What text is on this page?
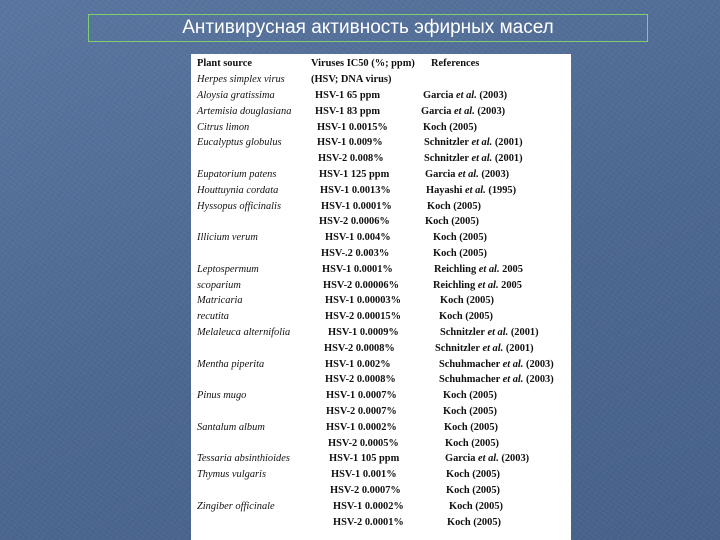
Антивирусная активность эфирных масел
Plant source	Viruses IC50 (%; ppm) References
Herpes simplex virus	(HSV; DNA virus)
Aloysia gratissima	HSV-1 65 ppm	Garcia et al. (2003)
Artemisia douglasiana HSV-1 83 ppm	Garcia et al. (2003)
Citrus limon	HSV-1 0.0015%	Koch (2005)
Eucalyptus globulus	HSV-1 0.009%	Schnitzler et al. (2001)
HSV-2 0.008%	Schnitzler et al. (2001)
Eupatorium patens	HSV-1 125 ppm	Garcia et al. (2003)
Houttuynia cordata	HSV-1 0.0013%	Hayashi et al. (1995)
Hyssopus officinalis	HSV-1 0.0001%	Koch (2005)
HSV-2 0.0006%	Koch (2005)
Illicium verum	HSV-1 0.004%	Koch (2005)
HSV-.2 0.003%	Koch (2005)
Leptospermum	HSV-1 0.0001%	Reichling et al. 2005
scoparium	HSV-2 0.00006%	Reichling et al. 2005
Matricaria	HSV-1 0.00003%	Koch (2005)
recutita	HSV-2 0.00015%	Koch (2005)
Melaleuca alternifolia	HSV-1 0.0009%	Schnitzler et al. (2001)
HSV-2 0.0008%	Schnitzler et al. (2001)
Mentha piperita	HSV-1 0.002%	Schuhmacher et al. (2003)
HSV-2 0.0008%	Schuhmacher et al. (2003)
Pinus mugo	HSV-1 0.0007%	Koch (2005)
HSV-2 0.0007%	Koch (2005)
Santalum album	HSV-1 0.0002%	Koch (2005)
HSV-2 0.0005%	Koch (2005)
Tessaria absinthioides	HSV-1 105 ppm	Garcia et al. (2003)
Thymus vulgaris	HSV-1 0.001%	Koch (2005)
HSV-2 0.0007%	Koch (2005)
Zingiber officinale	HSV-1 0.0002%	Koch (2005)
HSV-2 0.0001%	Koch (2005)
